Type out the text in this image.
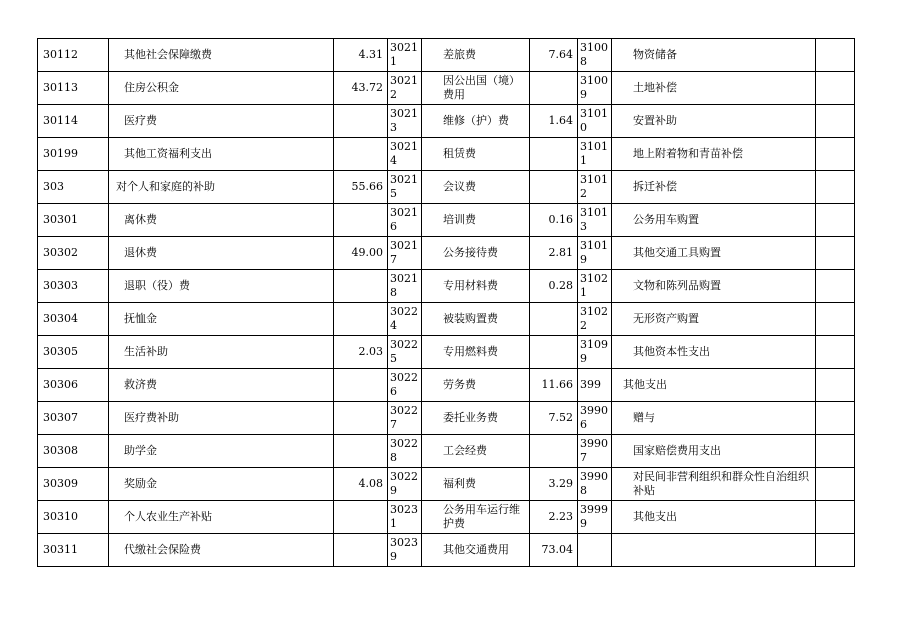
30112	其他社会保障缴费	4.31	30211	差旅费	7.64	31008	物资储备	

30113	住房公积金	43.72	30212	因公出国（境）费用		31009	土地补偿	

30114	医疗费		30213	维修（护）费	1.64	31010	安置补助	

30199	其他工资福利支出		30214	租赁费		31011	地上附着物和青苗补偿	

303	对个人和家庭的补助	55.66	30215	会议费		31012	拆迁补偿	

30301	离休费		30216	培训费	0.16	31013	公务用车购置	

30302	退休费	49.00	30217	公务接待费	2.81	31019	其他交通工具购置	

30303	退职（役）费		30218	专用材料费	0.28	31021	文物和陈列品购置	

30304	抚恤金		30224	被装购置费		31022	无形资产购置	

30305	生活补助	2.03	30225	专用燃料费		31099	其他资本性支出	

30306	救济费		30226	劳务费	11.66	399	其他支出	

30307	医疗费补助		30227	委托业务费	7.52	39906	赠与	

30308	助学金		30228	工会经费		39907	国家赔偿费用支出	

30309	奖励金	4.08	30229	福利费	3.29	39908	对民间非营利组织和群众性自治组织补贴	

30310	个人农业生产补贴		30231	公务用车运行维护费	2.23	39999	其他支出	

30311	代缴社会保险费		30239	其他交通费用	73.04		
